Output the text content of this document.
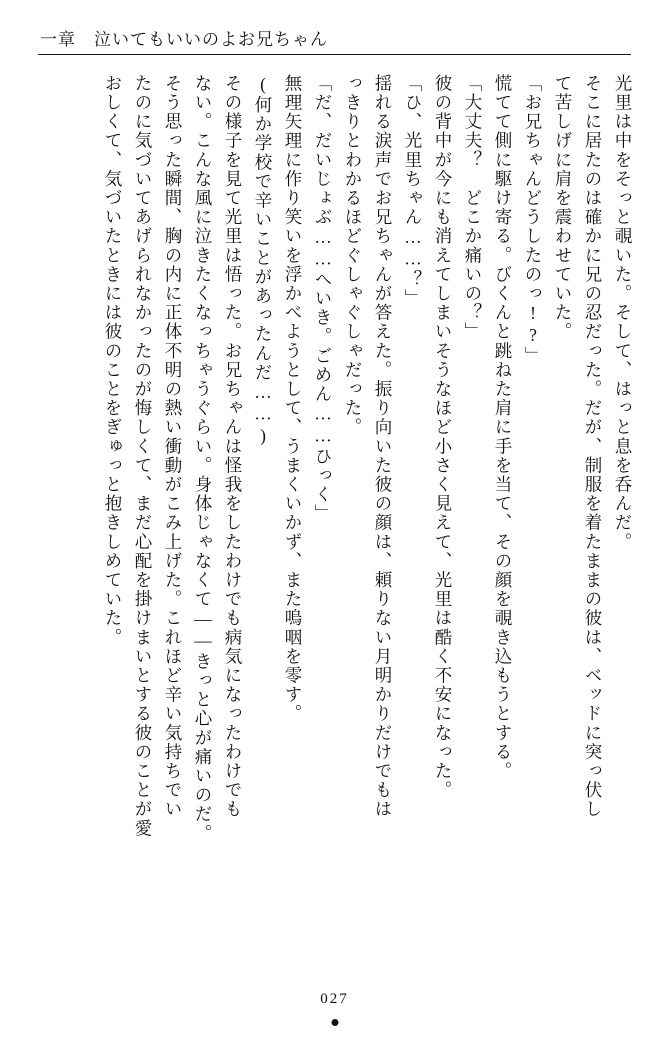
一章 泣いてもいいのよお兄ちゃん
光里は中をそっと覗いた。そして、はっと息を呑んだ。
そこに居たのは確かに兄の忍だった。だが、制服を着たままの彼は、ベッドに突っ伏し
て苦しげに肩を震わせていた。
「お兄ちゃんどうしたのっ!?」
慌てて側に駆け寄る。びくんと跳ねた肩に手を当て、その顔を覗き込もうとする。
「大丈夫？　どこか痛いの？」
彼の背中が今にも消えてしまいそうなほど小さく見えて、光里は酷く不安になった。
「ひ、光里ちゃん……？」
揺れる涙声でお兄ちゃんが答えた。振り向いた彼の顔は、頼りない月明かりだけでもは
っきりとわかるほどぐしゃぐしゃだった。
「だ、だいじょぶ……へいき。ごめん……ひっく」
無理矢理に作り笑いを浮かべようとして、うまくいかず、また嗚咽を零す。
(何か学校で辛いことがあったんだ……)
その様子を見て光里は悟った。お兄ちゃんは怪我をしたわけでも病気になったわけでも
ない。こんな風に泣きたくなっちゃうぐらい。身体じゃなくて——きっと心が痛いのだ。
そう思った瞬間、胸の内に正体不明の熱い衝動がこみ上げた。これほど辛い気持ちでい
たのに気づいてあげられなかったのが悔しくて、まだ心配を掛けまいとする彼のことが愛
おしくて、気づいたときには彼のことをぎゅっと抱きしめていた。
027
